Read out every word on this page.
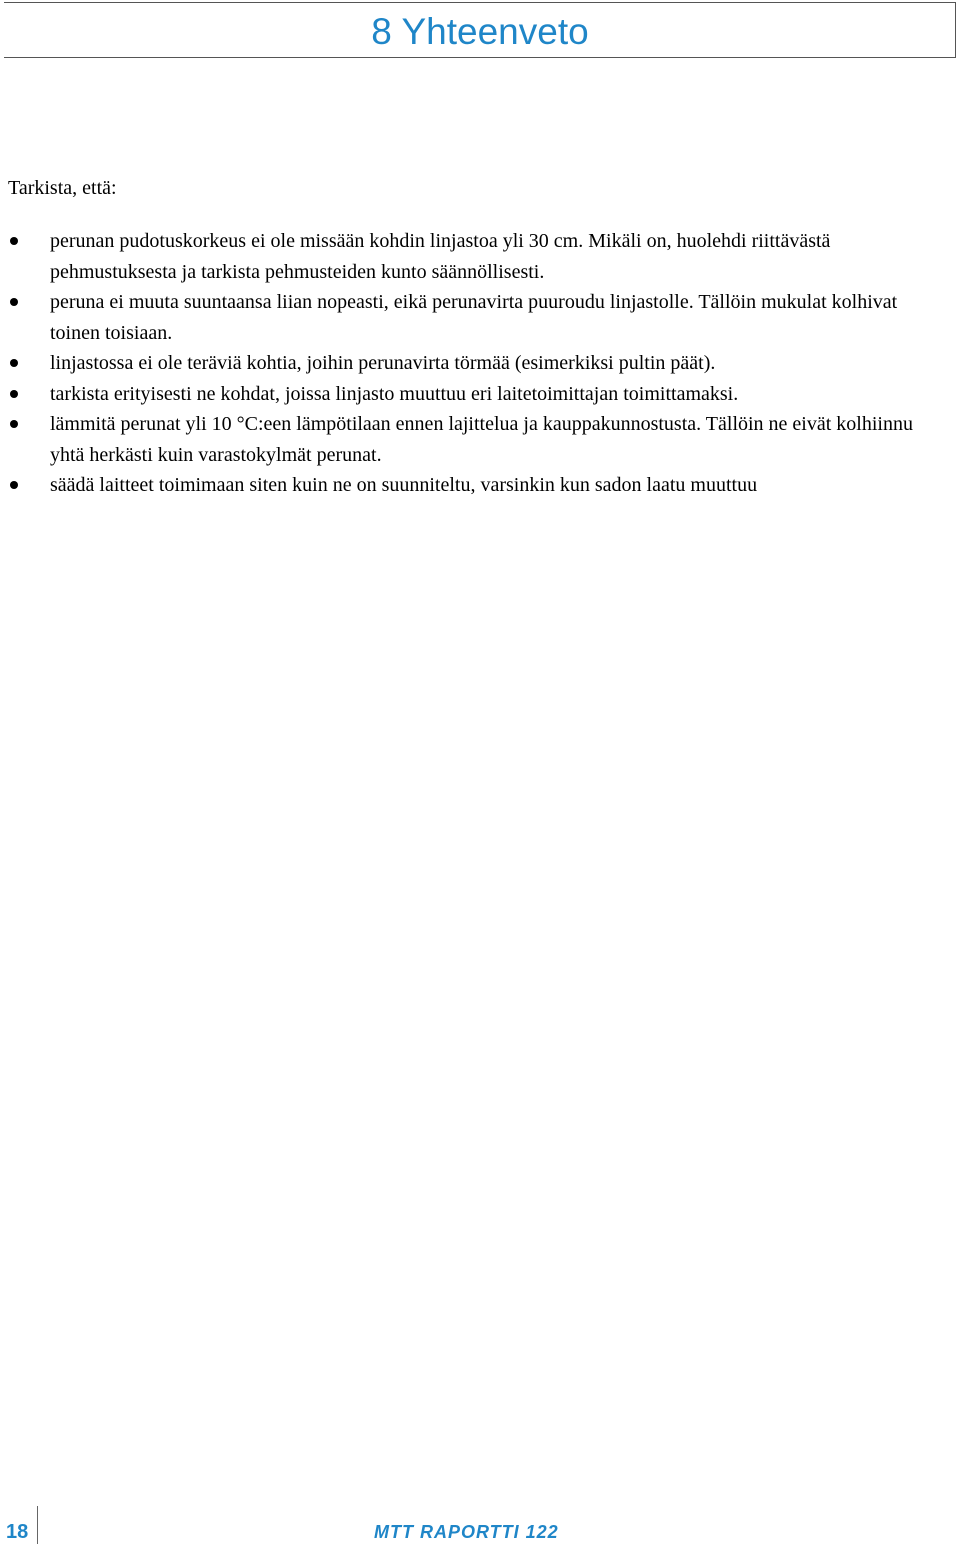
8 Yhteenveto

Tarkista, että:

perunan pudotuskorkeus ei ole missään kohdin linjastoa yli 30 cm. Mikäli on, huolehdi riittävästä pehmustuksesta ja tarkista pehmusteiden kunto säännöllisesti.
peruna ei muuta suuntaansa liian nopeasti, eikä perunavirta puuroudu linjastolle. Tällöin mukulat kolhivat toinen toisiaan.
linjastossa ei ole teräviä kohtia, joihin perunavirta törmää (esimerkiksi pultin päät).
tarkista erityisesti ne kohdat, joissa linjasto muuttuu eri laitetoimittajan toimittamaksi.
lämmitä perunat yli 10 °C:een lämpötilaan ennen lajittelua ja kauppakunnostusta. Tällöin ne eivät kolhiinnu yhtä herkästi kuin varastokylmät perunat.
säädä laitteet toimimaan siten kuin ne on suunniteltu, varsinkin kun sadon laatu muuttuu
18	MTT RAPORTTI 122
